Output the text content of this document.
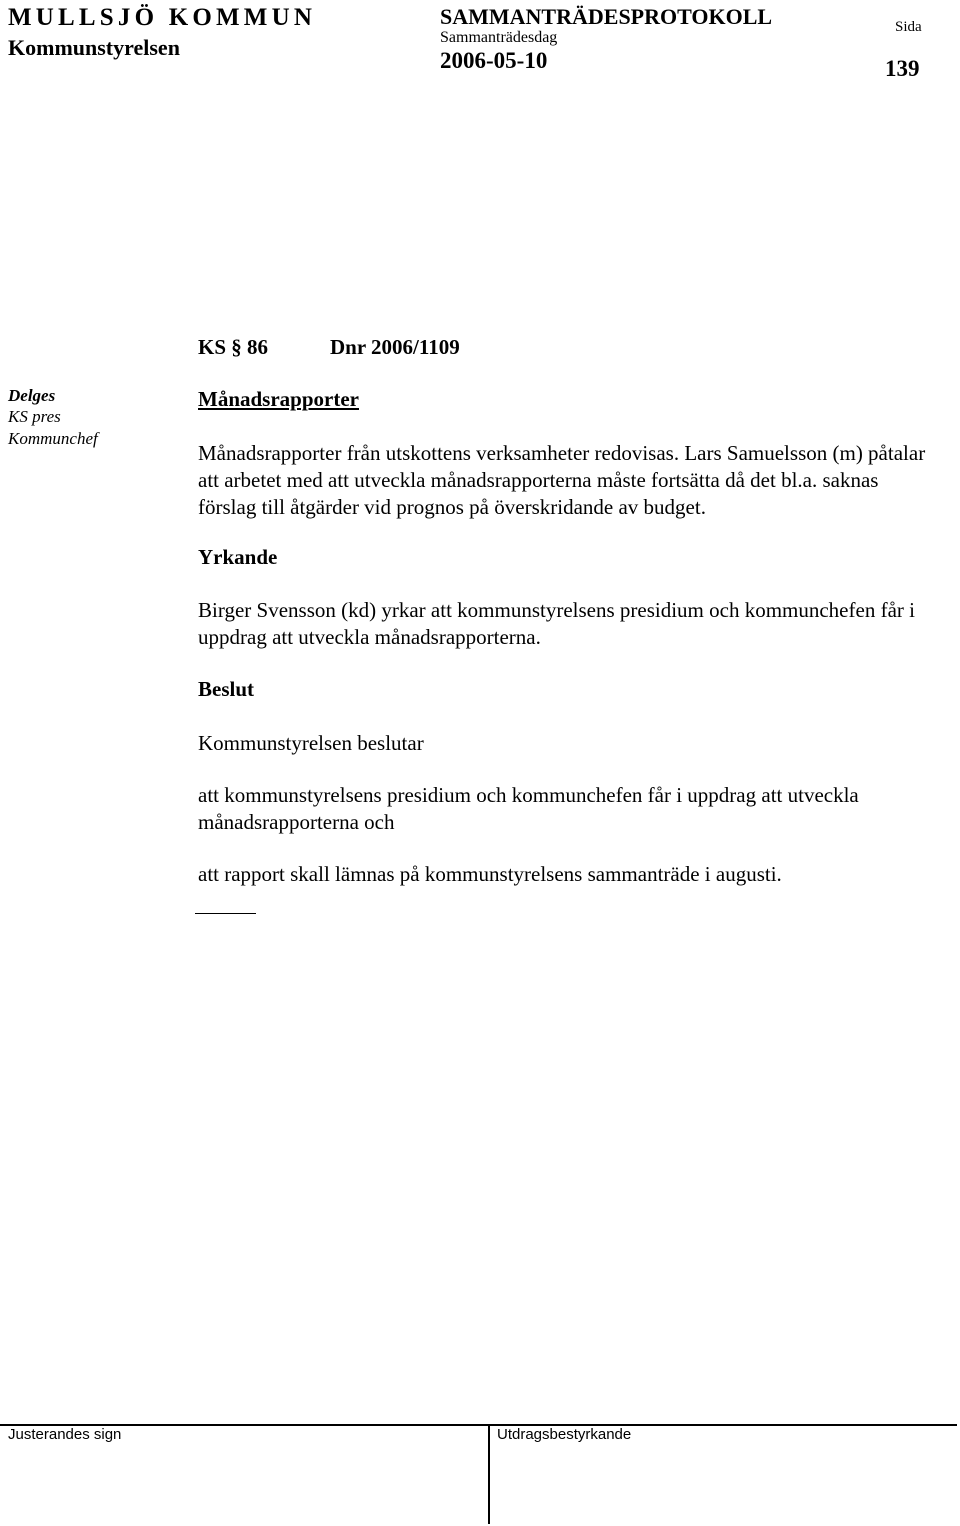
MULLSJÖ KOMMUN
Kommunstyrelsen
SAMMANTRÄDESPROTOKOLL
Sammanträdesdag
2006-05-10
Sida
139
KS § 86	Dnr 2006/1109
Delges
KS pres
Kommunchef
Månadsrapporter
Månadsrapporter från utskottens verksamheter redovisas. Lars Samuelsson (m) påtalar att arbetet med att utveckla månadsrapporterna måste fortsätta då det bl.a. saknas förslag till åtgärder vid prognos på överskridande av budget.
Yrkande
Birger Svensson (kd) yrkar att kommunstyrelsens presidium och kommunchefen får i uppdrag att utveckla månadsrapporterna.
Beslut
Kommunstyrelsen beslutar
att kommunstyrelsens presidium och kommunchefen får i uppdrag att utveckla månadsrapporterna och
att rapport skall lämnas på kommunstyrelsens sammanträde i augusti.
Justerandes sign	Utdragsbestyrkande
